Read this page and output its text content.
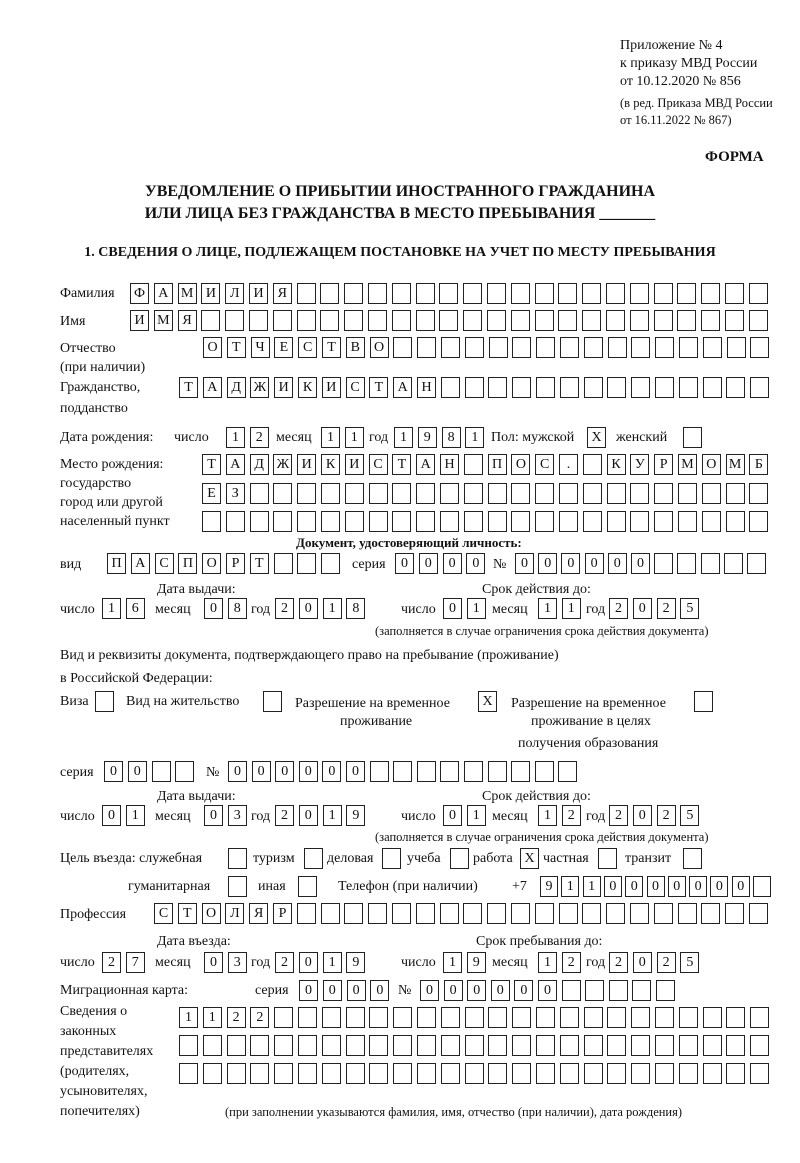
Приложение № 4
к приказу МВД России
от 10.12.2020 № 856
(в ред. Приказа МВД России
от 16.11.2022 № 867)
ФОРМА
УВЕДОМЛЕНИЕ О ПРИБЫТИИ ИНОСТРАННОГО ГРАЖДАНИНА
ИЛИ ЛИЦА БЕЗ ГРАЖДАНСТВА В МЕСТО ПРЕБЫВАНИЯ _______
1. СВЕДЕНИЯ О ЛИЦЕ, ПОДЛЕЖАЩЕМ ПОСТАНОВКЕ НА УЧЕТ ПО МЕСТУ ПРЕБЫВАНИЯ
Фамилия Ф А М И Л	И	Я
Имя	И М Я
Отчество
(при наличии)
О	Т	Ч	Е	С	Т	В	О
Гражданство,
подданство
Т	А Д Ж И	К	И	С	Т	А Н
Дата рождения: число	1	2 месяц	1	1 год 1	9	8	1 Пол: мужской	X	женский
Место рождения:
государство
город или другой
населенный пункт
Т	А Д Ж И	К	И	С	Т	А Н	П О	С	.	К	У	Р М О М Б
Е	З
Документ, удостоверяющий личность:
вид	П А	С	П О	Р	Т	серия	0	0	0	0 №	0	0	0	0	0	0
Дата выдачи:	Срок действия до:
число 1	6	месяц	0	8 год 2	0	1	8	число 0	1 месяц	1	1 год 2	0	2	5
(заполняется в случае ограничения срока действия документа)
Вид и реквизиты документа, подтверждающего право на пребывание (проживание)
в Российской Федерации:
Виза	Вид на жительство	Разрешение на временное
проживание
X	Разрешение на временное
проживание в целях
получения образования
серия	0	0	№	0	0	0	0	0	0
Дата выдачи:	Срок действия до:
число 0	1	месяц	0	3 год 2	0	1	9	число 0	1 месяц	1	2 год 2	0	2	5
(заполняется в случае ограничения срока действия документа)
Цель въезда: служебная	туризм деловая учеба работа X частная	транзит
гуманитарная	иная	Телефон (при наличии) +7	9	1	1	0	0	0	0	0	0	0
Профессия	С	Т	О Л	Я	Р
Дата въезда:	Срок пребывания до:
число 2	7	месяц	0	3 год 2	0	1	9	число 1	9 месяц	1	2 год 2	0	2	5
Миграционная карта:	серия	0	0	0	0	№	0	0	0	0	0	0
Сведения о
законных
представителях
(родителях,
усыновителях,
попечителях)
1	1	2	2
(при заполнении указываются фамилия, имя, отчество (при наличии), дата рождения)
